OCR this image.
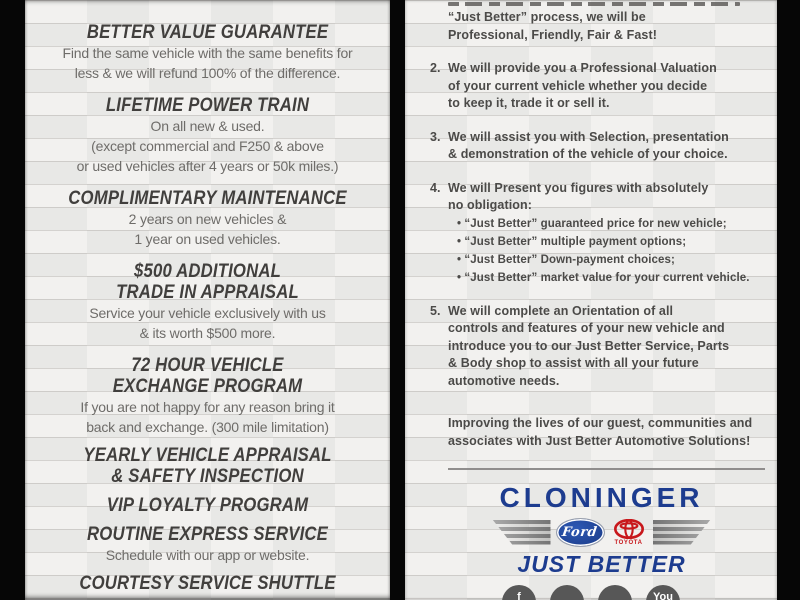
BETTER VALUE GUARANTEE
Find the same vehicle with the same benefits for
less & we will refund 100% of the difference.
LIFETIME POWER TRAIN
On all new & used.
(except commercial and F250 & above
or used vehicles after 4 years or 50k miles.)
COMPLIMENTARY MAINTENANCE
2 years on new vehicles &
1 year on used vehicles.
$500 ADDITIONAL
TRADE IN APPRAISAL
Service your vehicle exclusively with us
& its worth $500 more.
72 HOUR VEHICLE
EXCHANGE PROGRAM
If you are not happy for any reason bring it
back and exchange. (300 mile limitation)
YEARLY VEHICLE APPRAISAL
& SAFETY INSPECTION
VIP LOYALTY PROGRAM
ROUTINE EXPRESS SERVICE
Schedule with our app or website.
COURTESY SERVICE SHUTTLE
“Just Better” process, we will be
Professional, Friendly, Fair & Fast!
2. We will provide you a Professional Valuation
of your current vehicle whether you decide
to keep it, trade it or sell it.
3. We will assist you with Selection, presentation
& demonstration of the vehicle of your choice.
4. We will Present you figures with absolutely
no obligation:
• “Just Better” guaranteed price for new vehicle;
• “Just Better” multiple payment options;
• “Just Better” Down-payment choices;
• “Just Better” market value for your current vehicle.
5. We will complete an Orientation of all
controls and features of your new vehicle and
introduce you to our Just Better Service, Parts
& Body shop to assist with all your future
automotive needs.
Improving the lives of our guest, communities and
associates with Just Better Automotive Solutions!
CLONINGER
Ford
TOYOTA
JUST BETTER
f	You
